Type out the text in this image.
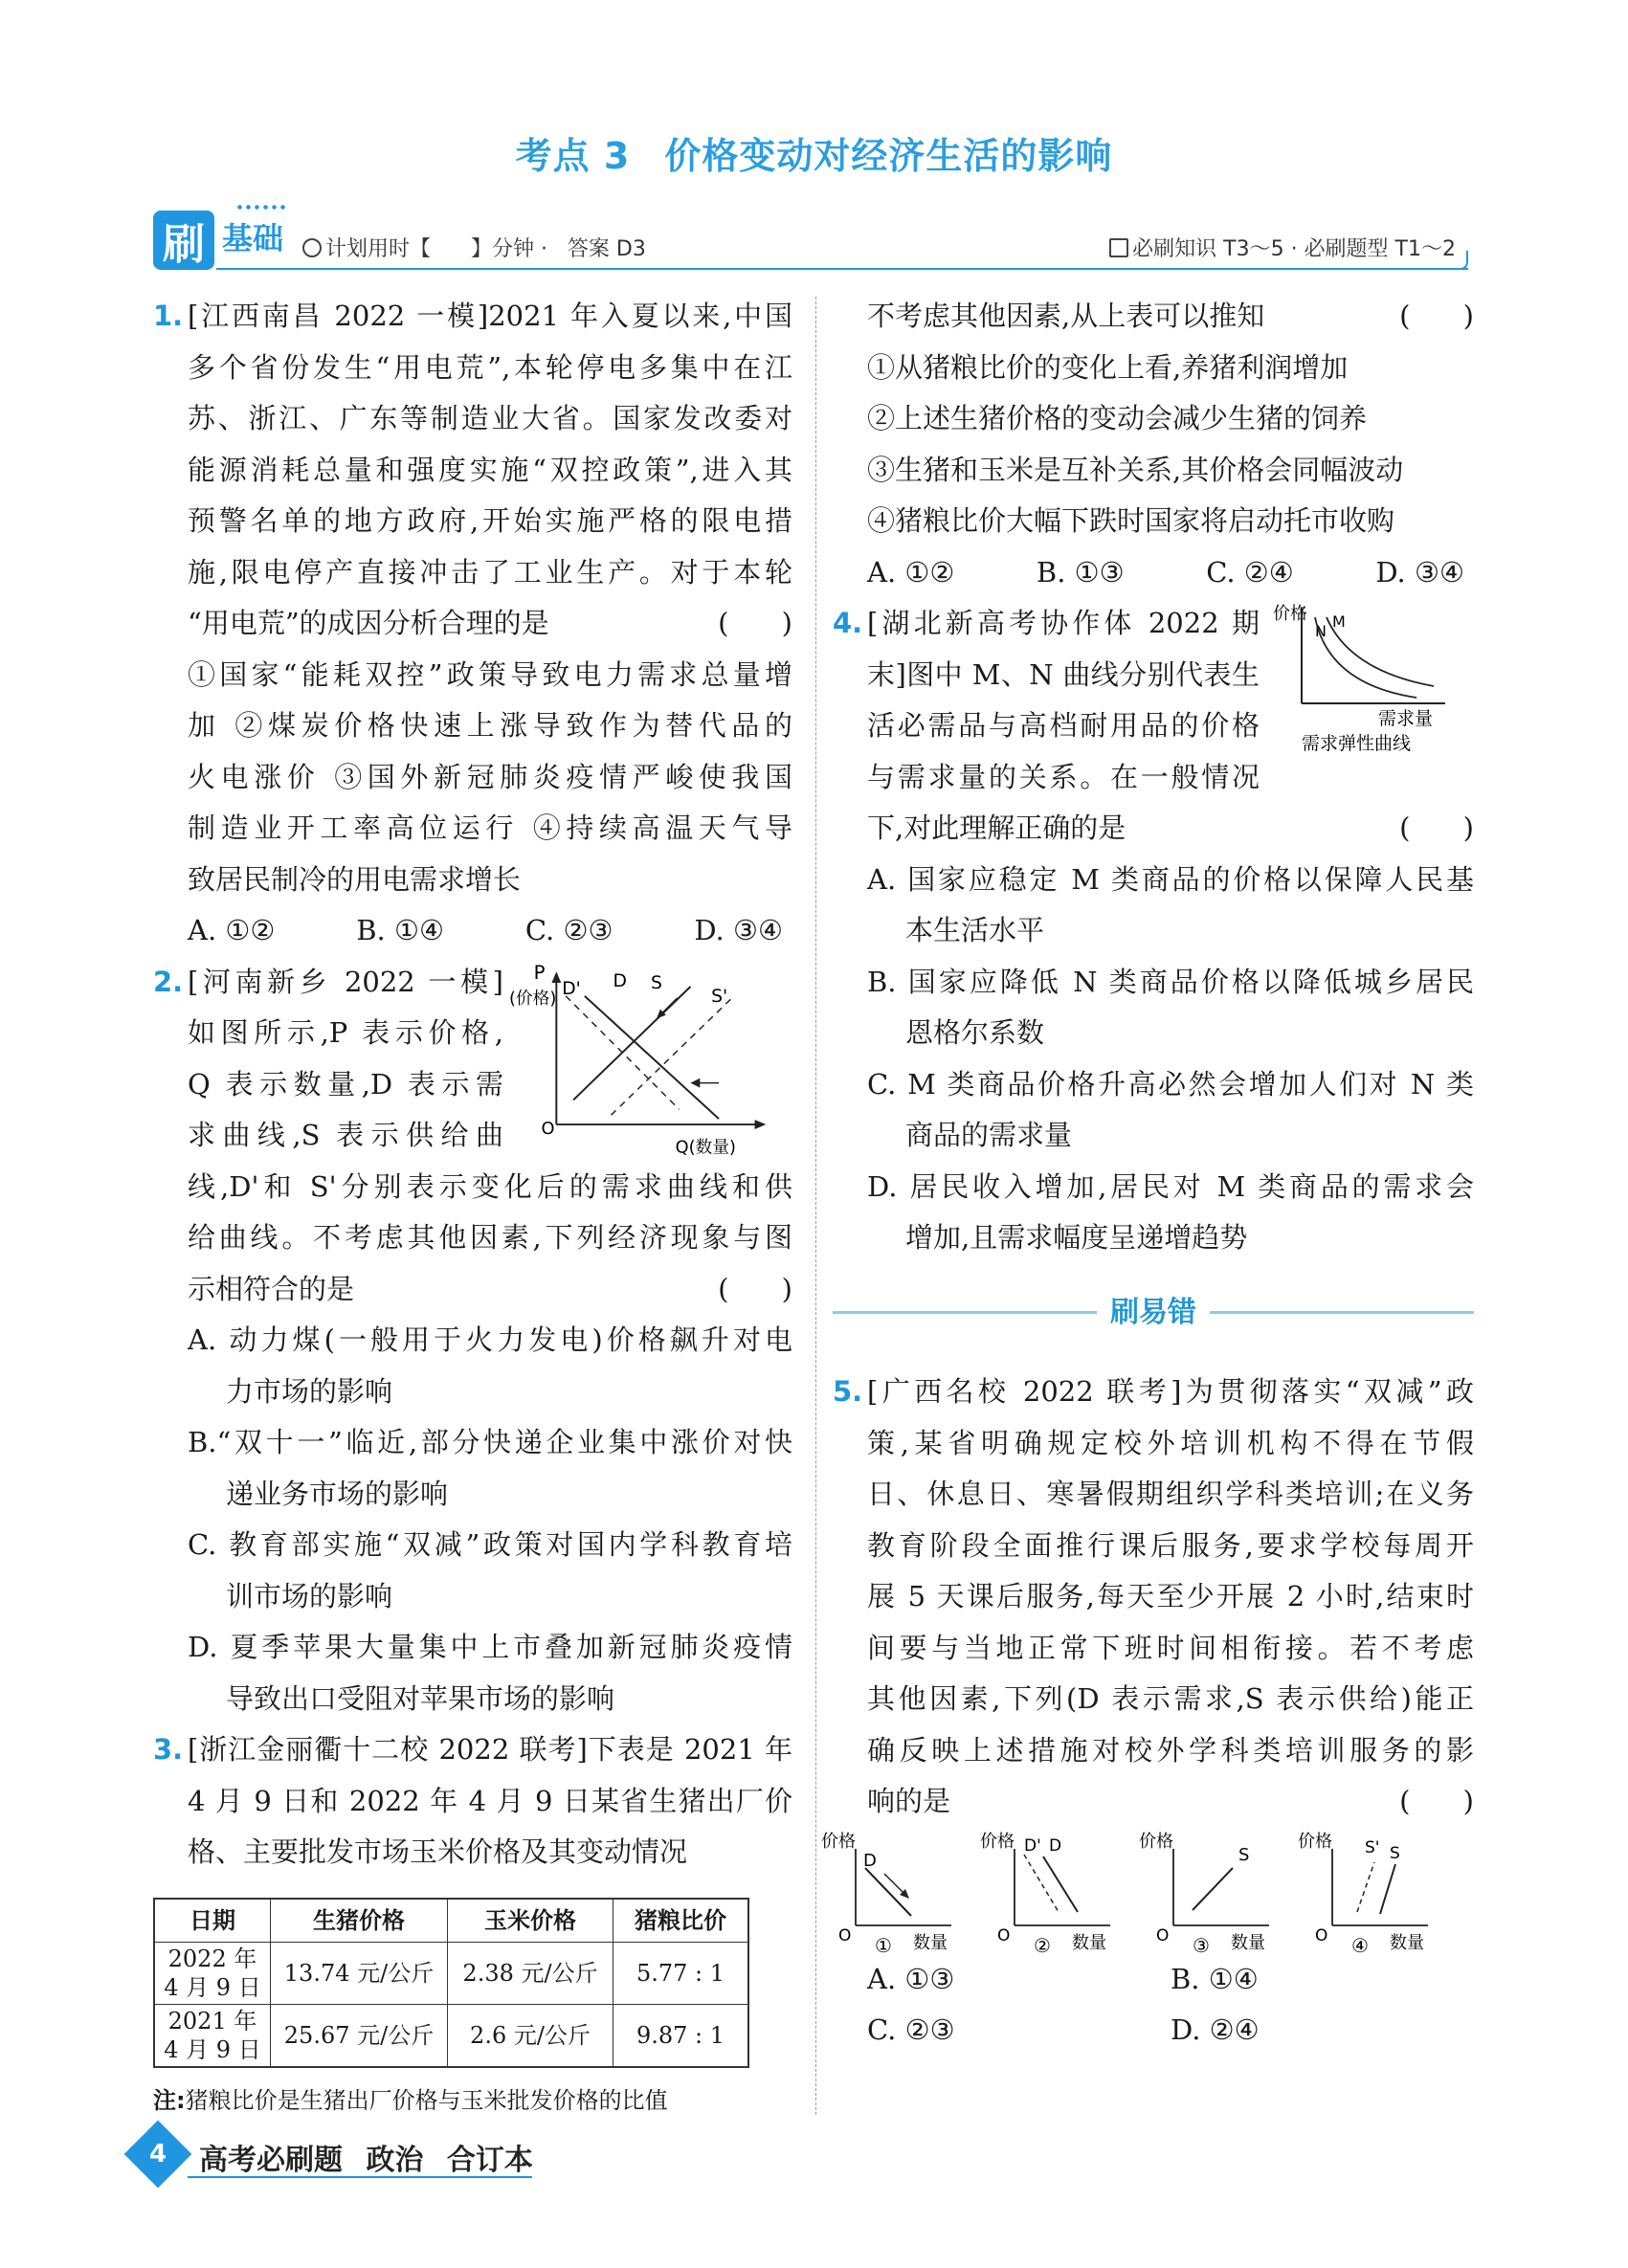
考点 3 价格变动对经济生活的影响
刷 基础	计划用时【      】分钟 ·   答案 D3	必刷知识 T3～5 · 必刷题型 T1～2
1. [江西南昌 2022 一模]2021 年入夏以来,中国
多个省份发生“用电荒”,本轮停电多集中在江
苏、浙江、广东等制造业大省。国家发改委对
能源消耗总量和强度实施“双控政策”,进入其
预警名单的地方政府,开始实施严格的限电措
施,限电停产直接冲击了工业生产。对于本轮
“用电荒”的成因分析合理的是	(      )
①国家“能耗双控”政策导致电力需求总量增
加 ②煤炭价格快速上涨导致作为替代品的
火电涨价 ③国外新冠肺炎疫情严峻使我国
制造业开工率高位运行 ④持续高温天气导
致居民制冷的用电需求增长
A. ①②	B. ①④	C. ②③	D. ③④
2. [河南新乡 2022 一模]
如图所示,P 表示价格,
Q 表示数量,D 表示需
求曲线,S 表示供给曲
P
(价格)
O
Q(数量)
D
D'	S
S'
线,D'和 S'分别表示变化后的需求曲线和供
给曲线。不考虑其他因素,下列经济现象与图
示相符合的是	(      )
A. 动力煤(一般用于火力发电)价格飙升对电
力市场的影响
B.“双十一”临近,部分快递企业集中涨价对快
递业务市场的影响
C. 教育部实施“双减”政策对国内学科教育培
训市场的影响
D. 夏季苹果大量集中上市叠加新冠肺炎疫情
导致出口受阻对苹果市场的影响
3. [浙江金丽衢十二校 2022 联考]下表是 2021 年
4 月 9 日和 2022 年 4 月 9 日某省生猪出厂价
格、主要批发市场玉米价格及其变动情况
日期	生猪价格	玉米价格	猪粮比价
2022 年
4 月 9 日	13.74 元/公斤	2.38 元/公斤	5.77 : 1
2021 年
4 月 9 日	25.67 元/公斤	2.6 元/公斤	9.87 : 1
注:猪粮比价是生猪出厂价格与玉米批发价格的比值
不考虑其他因素,从上表可以推知	(      )
①从猪粮比价的变化上看,养猪利润增加
②上述生猪价格的变动会减少生猪的饲养
③生猪和玉米是互补关系,其价格会同幅波动
④猪粮比价大幅下跌时国家将启动托市收购
A. ①②	B. ①③	C. ②④	D. ③④
4. [湖北新高考协作体 2022 期
末]图中 M、N 曲线分别代表生
活必需品与高档耐用品的价格
与需求量的关系。在一般情况
价格
N
M
需求量
需求弹性曲线
下,对此理解正确的是	(      )
A. 国家应稳定 M 类商品的价格以保障人民基
本生活水平
B. 国家应降低 N 类商品价格以降低城乡居民
恩格尔系数
C. M 类商品价格升高必然会增加人们对 N 类
商品的需求量
D. 居民收入增加,居民对 M 类商品的需求会
增加,且需求幅度呈递增趋势
刷易错
5. [广西名校 2022 联考]为贯彻落实“双减”政
策,某省明确规定校外培训机构不得在节假
日、休息日、寒暑假期组织学科类培训;在义务
教育阶段全面推行课后服务,要求学校每周开
展 5 天课后服务,每天至少开展 2 小时,结束时
间要与当地正常下班时间相衔接。若不考虑
其他因素,下列(D 表示需求,S 表示供给)能正
确反映上述措施对校外学科类培训服务的影
响的是	(      )
价格
O	数量
①
D
价格
O	数量
②
D' D	价格
O	数量
③
S
价格
O	数量
④
S' S
A. ①③	B. ①④
C. ②③	D. ②④
4	高考必刷题 政治 合订本
